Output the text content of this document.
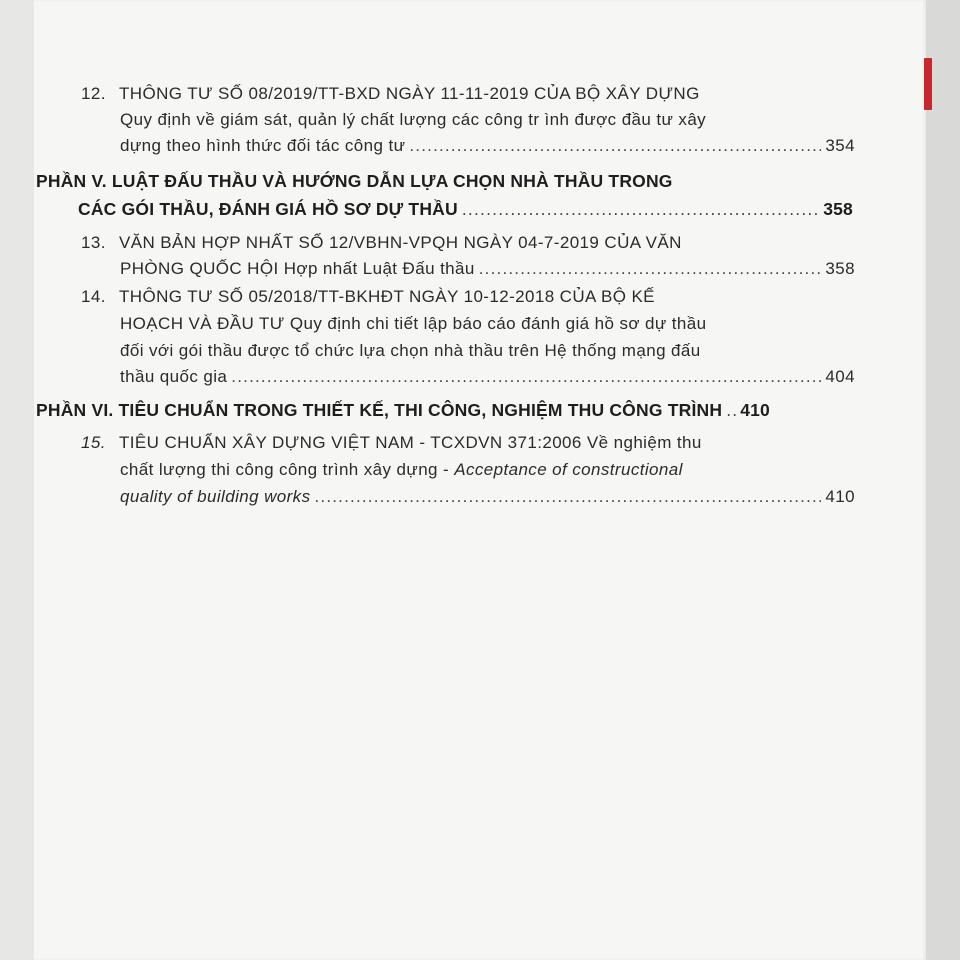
12. THÔNG TƯ SỐ 08/2019/TT-BXD NGÀY 11-11-2019 CỦA BỘ XÂY DỰNG
Quy định về giám sát, quản lý chất lượng các công tr ình được đầu tư xây
dựng theo hình thức đối tác công tư .....	354
PHẦN V. LUẬT ĐẤU THẦU VÀ HƯỚNG DẪN LỰA CHỌN NHÀ THẦU TRONG
CÁC GÓI THẦU, ĐÁNH GIÁ HỒ SƠ DỰ THẦU .....	358
13. VĂN BẢN HỢP NHẤT SỐ 12/VBHN-VPQH NGÀY 04-7-2019 CỦA VĂN
PHÒNG QUỐC HỘI Hợp nhất Luật Đấu thầu .....	358
14. THÔNG TƯ SỐ 05/2018/TT-BKHĐT NGÀY 10-12-2018 CỦA BỘ KẾ
HOẠCH VÀ ĐẦU TƯ Quy định chi tiết lập báo cáo đánh giá hồ sơ dự thầu
đối với gói thầu được tổ chức lựa chọn nhà thầu trên Hệ thống mạng đấu
thầu quốc gia .....	404
PHẦN VI. TIÊU CHUẨN TRONG THIẾT KẾ, THI CÔNG, NGHIỆM THU CÔNG TRÌNH ..... 410
15. TIÊU CHUẨN XÂY DỰNG VIỆT NAM - TCXDVN 371:2006 Về nghiệm thu
chất lượng thi công công trình xây dựng - Acceptance of constructional
quality of building works .....	410
